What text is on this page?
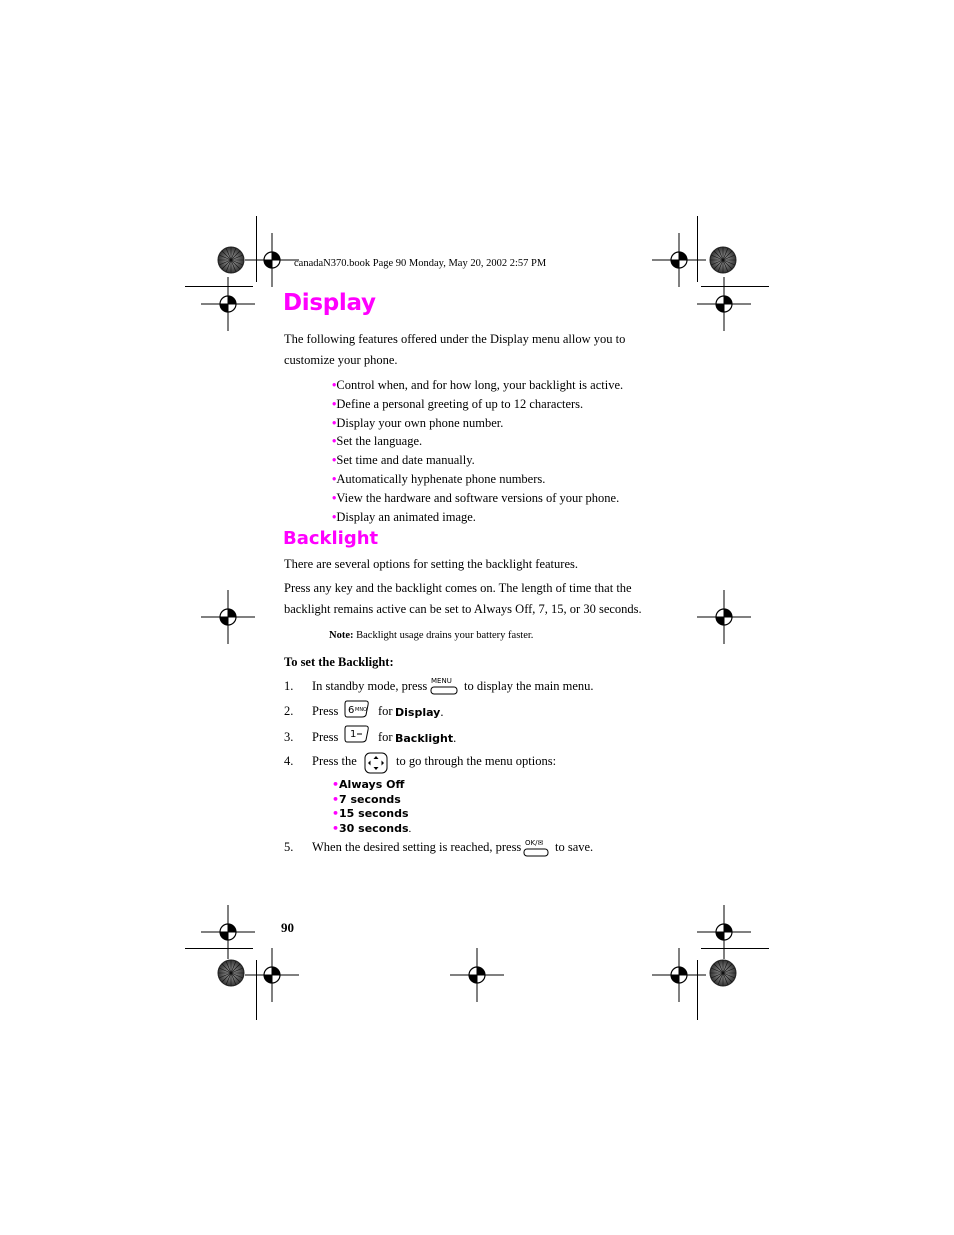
canadaN370.book Page 90 Monday, May 20, 2002 2:57 PM
Display
The following features offered under the Display menu allow you to customize your phone.
•Control when, and for how long, your backlight is active.
•Define a personal greeting of up to 12 characters.
•Display your own phone number.
•Set the language.
•Set time and date manually.
•Automatically hyphenate phone numbers.
•View the hardware and software versions of your phone.
•Display an animated image.
Backlight
There are several options for setting the backlight features.
Press any key and the backlight comes on. The length of time that the backlight remains active can be set to Always Off, 7, 15, or 30 seconds.
Note: Backlight usage drains your battery faster.
To set the Backlight:
1. In standby mode, press MENU to display the main menu.
2. Press 6 MNO for Display.
3. Press 1 for Backlight.
4. Press the	to go through the menu options:
•Always Off
•7 seconds
•15 seconds
•30 seconds.
5. When the desired setting is reached, press OK/✉ to save.
90
